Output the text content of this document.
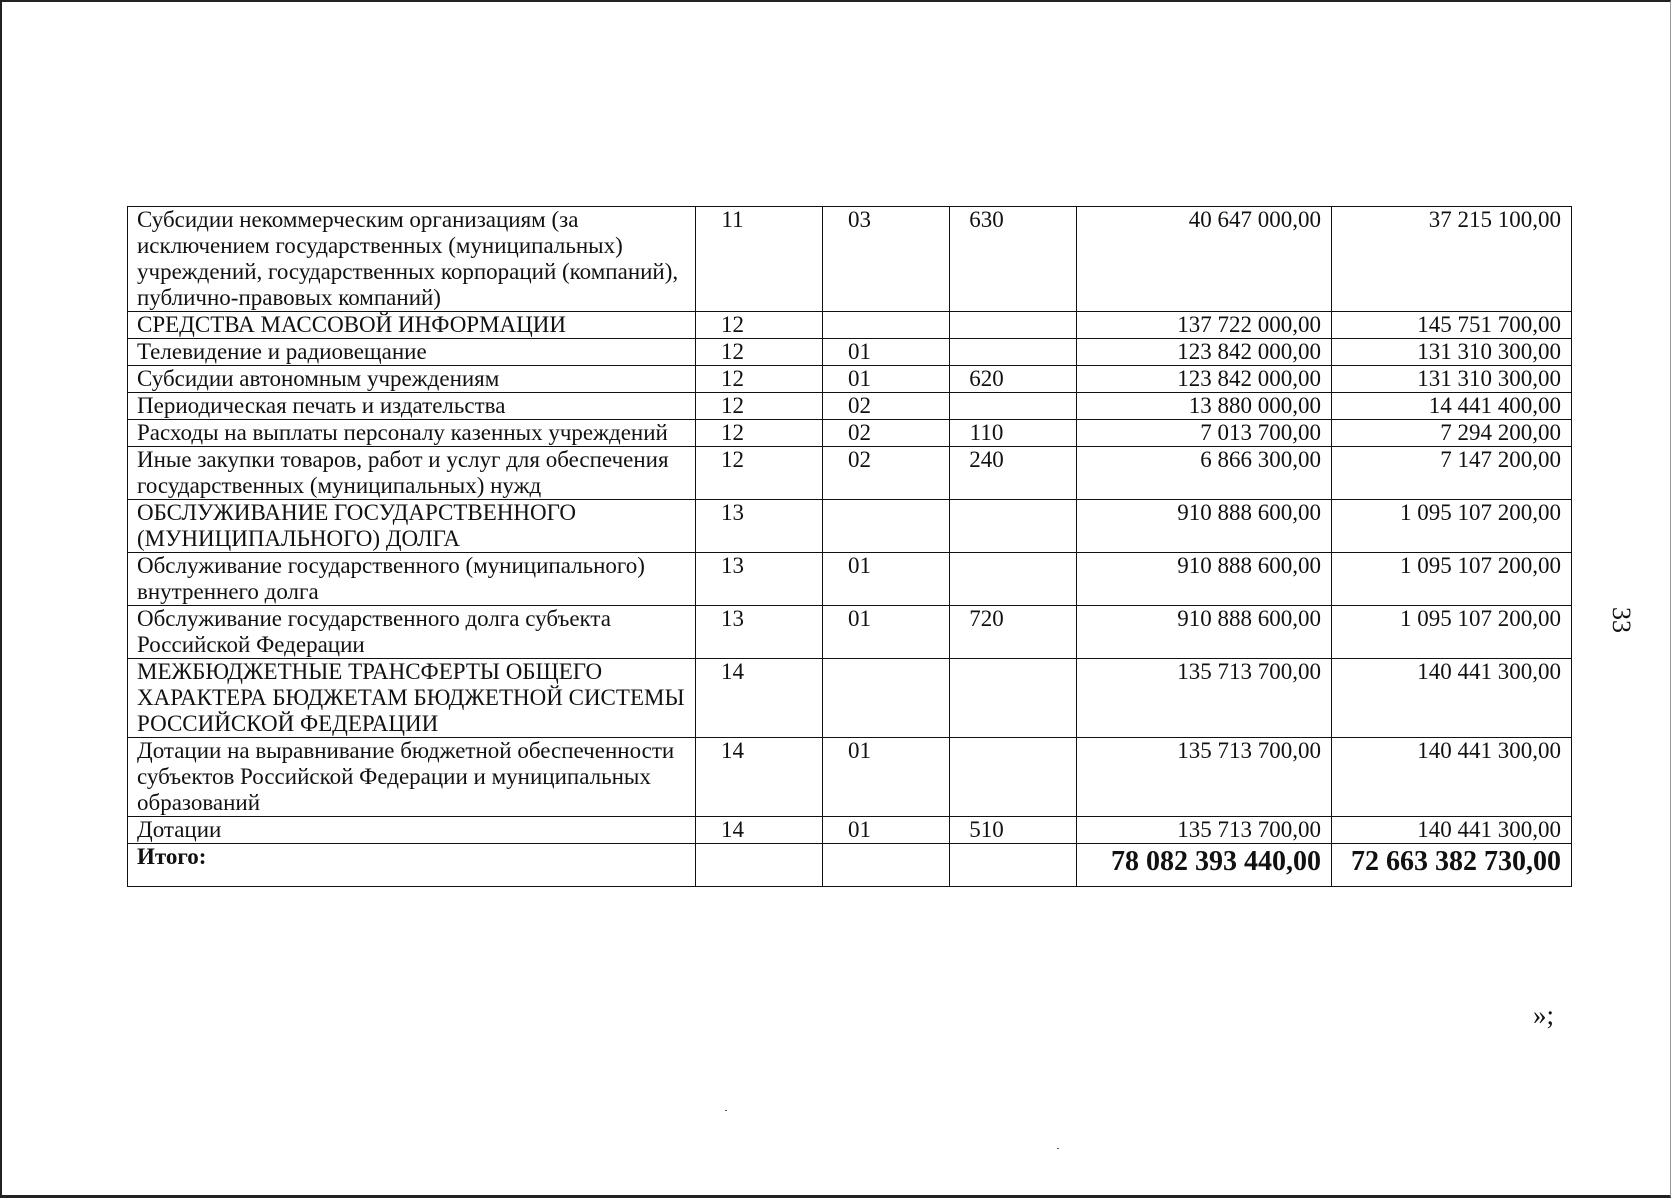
Субсидии некоммерческим организациям (за исключением государственных (муниципальных) учреждений, государственных корпораций (компаний), публично-правовых компаний)	11	03	630	40 647 000,00	37 215 100,00
СРЕДСТВА МАССОВОЙ ИНФОРМАЦИИ	12			137 722 000,00	145 751 700,00
Телевидение и радиовещание	12	01		123 842 000,00	131 310 300,00
Субсидии автономным учреждениям	12	01	620	123 842 000,00	131 310 300,00
Периодическая печать и издательства	12	02		13 880 000,00	14 441 400,00
Расходы на выплаты персоналу казенных учреждений	12	02	110	7 013 700,00	7 294 200,00
Иные закупки товаров, работ и услуг для обеспечения государственных (муниципальных) нужд	12	02	240	6 866 300,00	7 147 200,00
ОБСЛУЖИВАНИЕ ГОСУДАРСТВЕННОГО (МУНИЦИПАЛЬНОГО) ДОЛГА	13			910 888 600,00	1 095 107 200,00
Обслуживание государственного (муниципального) внутреннего долга	13	01		910 888 600,00	1 095 107 200,00
Обслуживание государственного долга субъекта Российской Федерации	13	01	720	910 888 600,00	1 095 107 200,00
МЕЖБЮДЖЕТНЫЕ ТРАНСФЕРТЫ ОБЩЕГО ХАРАКТЕРА БЮДЖЕТАМ БЮДЖЕТНОЙ СИСТЕМЫ РОССИЙСКОЙ ФЕДЕРАЦИИ	14			135 713 700,00	140 441 300,00
Дотации на выравнивание бюджетной обеспеченности субъектов Российской Федерации и муниципальных образований	14	01		135 713 700,00	140 441 300,00
Дотации	14	01	510	135 713 700,00	140 441 300,00
Итого:				78 082 393 440,00	72 663 382 730,00
33
»;
